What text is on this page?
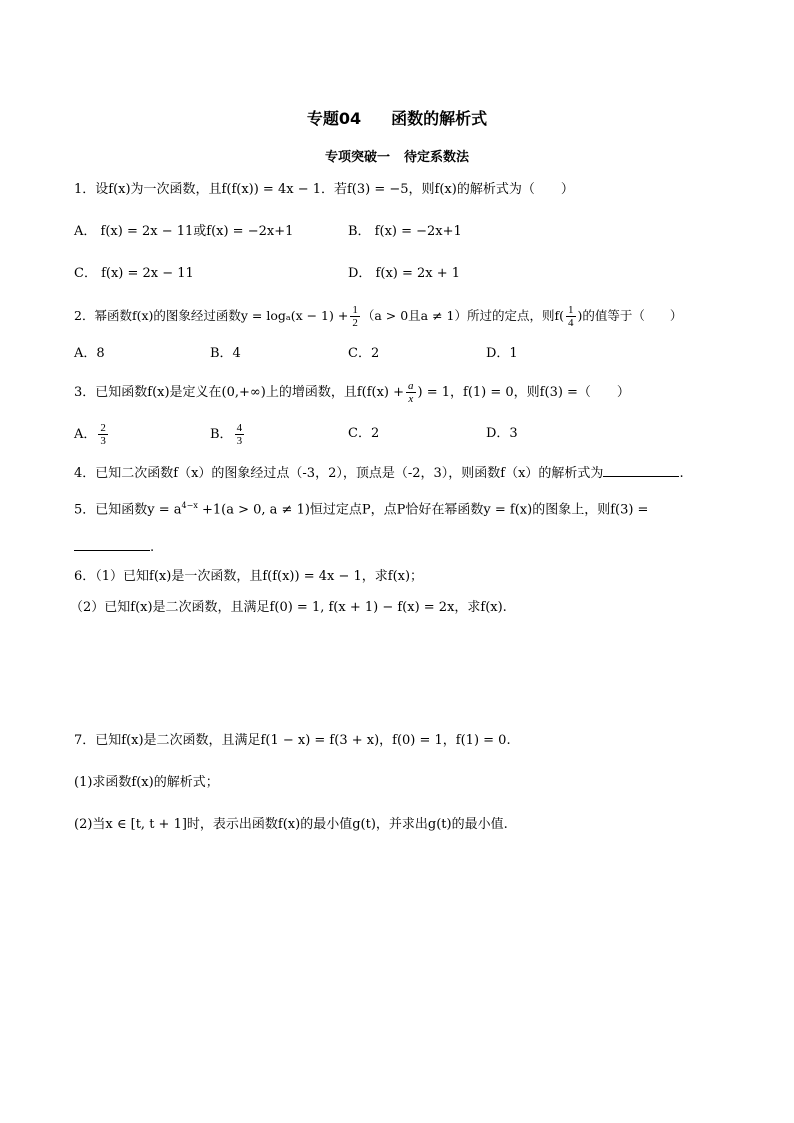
专题04 函数的解析式
专项突破一 待定系数法
1．设f(x)为一次函数，且f(f(x)) = 4x − 1．若f(3) = −5，则f(x)的解析式为（　　）
A． f(x) = 2x − 11或f(x) = −2x+1	B． f(x) = −2x+1
C． f(x) = 2x − 11	D． f(x) = 2x + 1
2．幂函数f(x)的图象经过函数$y = \log_a(x - 1) + \frac{1}{2} (a > 0$且a ≠ 1）所过的定点，则$f( \frac{1}{4}$ )的值等于（　　）
A．8	B．4	C．2	D．1
3．已知函数f(x)是定义在(0,+∞)上的增函数，且$f(f(x) + \frac{a}{x}$ ) = 1，f(1) = 0，则f(3) =（　　）
A． $\frac{2}{3}$	B． $\frac{4}{3}$	C．2	D．3
4．已知二次函数f（x）的图象经过点（-3，2），顶点是（-2，3），则函数f（x）的解析式为	.
5．已知函数$y = a^{4-x} +1(a > 0$, a ≠ 1)恒过定点P，点P恰好在幂函数y = f(x)的图象上，则f(3) =
.
6．（1）已知f(x)是一次函数，且f(f(x)) = 4x − 1，求f(x)；
（2）已知f(x)是二次函数，且满足f(0) = 1, f(x + 1) − f(x) = 2x，求f(x).
7．已知f(x)是二次函数，且满足f(1 − x) = f(3 + x)，f(0) = 1，f(1) = 0.
(1)求函数f(x)的解析式；
(2)当x ∈ [t, t + 1]时，表示出函数f(x)的最小值g(t)，并求出g(t)的最小值.
